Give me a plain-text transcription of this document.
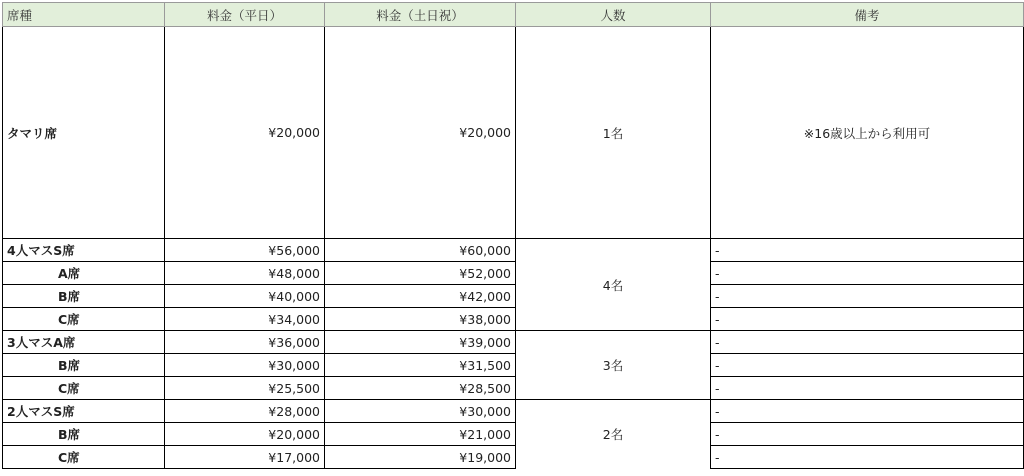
席種	料金（平日）	料金（土日祝）	人数	備考
タマリ席	¥20,000	¥20,000	1名	※16歳以上から利用可
4人マスS席	¥56,000	¥60,000	4名	-
A席	¥48,000	¥52,000		-
B席	¥40,000	¥42,000		-
C席	¥34,000	¥38,000		-
3人マスA席	¥36,000	¥39,000	3名	-
B席	¥30,000	¥31,500		-
C席	¥25,500	¥28,500		-
2人マスS席	¥28,000	¥30,000	2名	-
B席	¥20,000	¥21,000		-
C席	¥17,000	¥19,000		-
